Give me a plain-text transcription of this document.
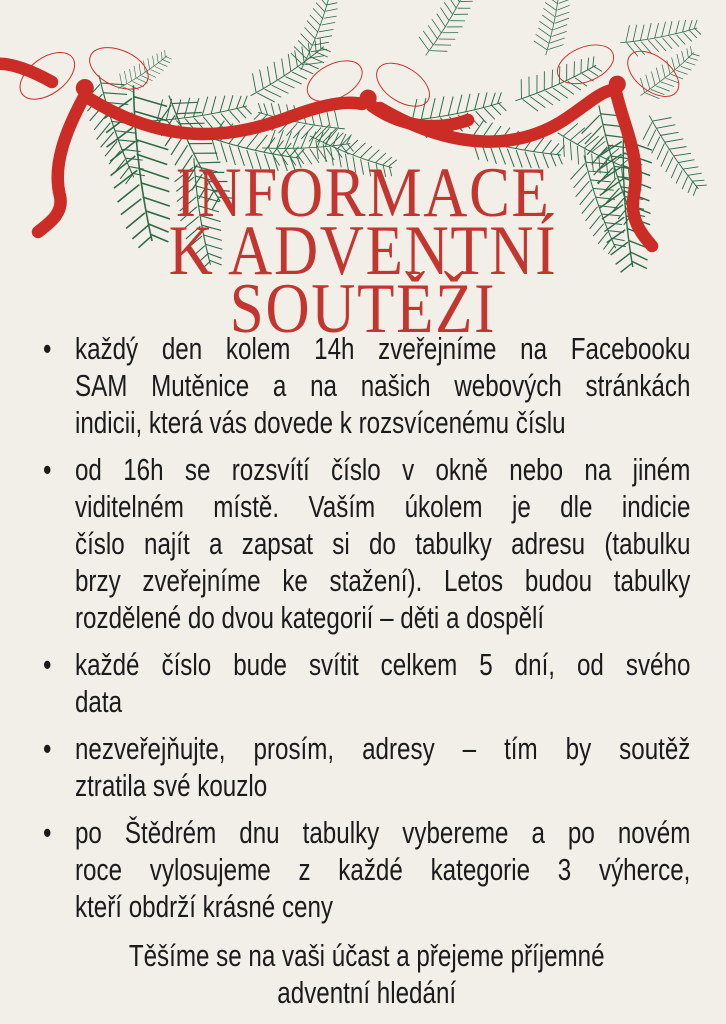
INFORMACE
K ADVENTNÍ
SOUTĚŽI
• každý den kolem 14h zveřejníme na Facebooku
SAM Mutěnice a na našich webových stránkách
indicii, která vás dovede k rozsvícenému číslu
• od 16h se rozsvítí číslo v okně nebo na jiném
viditelném místě. Vaším úkolem je dle indicie
číslo najít a zapsat si do tabulky adresu (tabulku
brzy zveřejníme ke stažení). Letos budou tabulky
rozdělené do dvou kategorií – děti a dospělí
• každé číslo bude svítit celkem 5 dní, od svého
data
• nezveřejňujte, prosím, adresy – tím by soutěž
ztratila své kouzlo
• po Štědrém dnu tabulky vybereme a po novém
roce vylosujeme z každé kategorie 3 výherce,
kteří obdrží krásné ceny
Těšíme se na vaši účast a přejeme příjemné
adventní hledání
